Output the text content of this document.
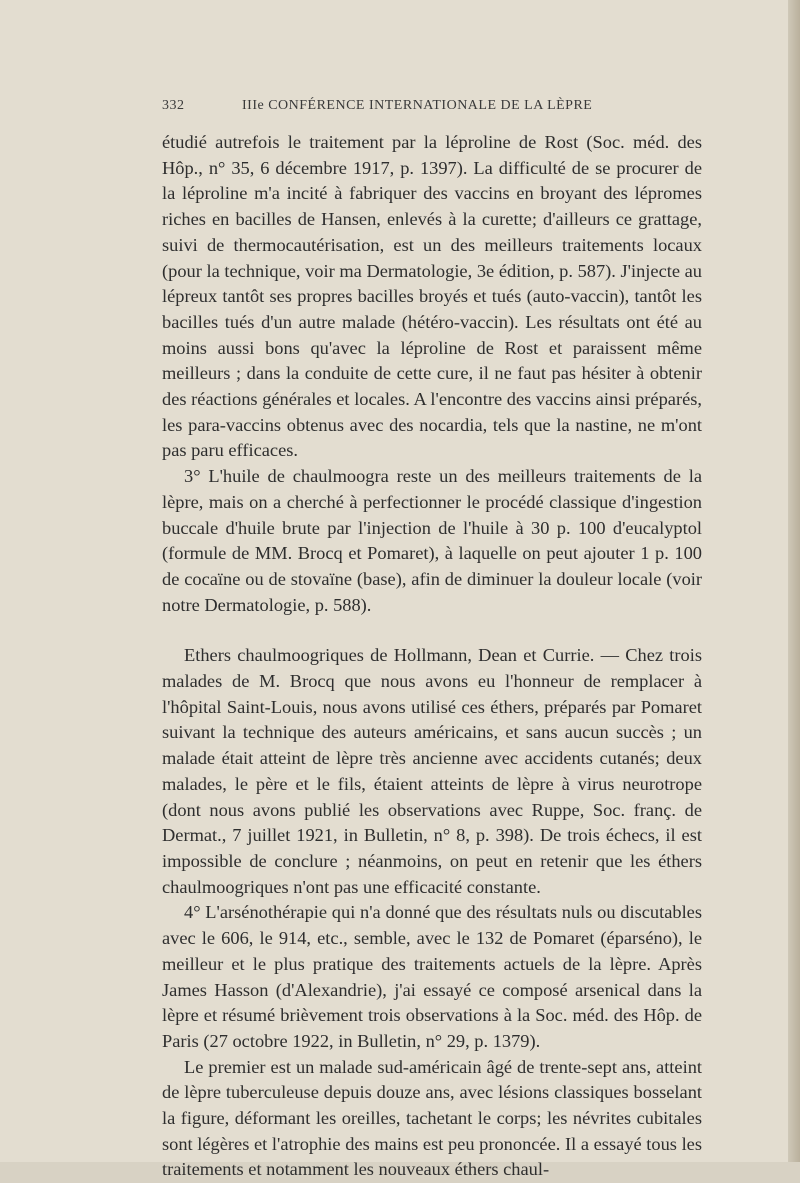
332	IIIe CONFÉRENCE INTERNATIONALE DE LA LÈPRE

étudié autrefois le traitement par la léproline de Rost (Soc. méd. des Hôp., n° 35, 6 décembre 1917, p. 1397). La difficulté de se procurer de la léproline m'a incité à fabriquer des vaccins en broyant des lépromes riches en bacilles de Hansen, enlevés à la curette; d'ailleurs ce grattage, suivi de thermocautérisation, est un des meilleurs traitements locaux (pour la technique, voir ma Dermatologie, 3e édition, p. 587). J'injecte au lépreux tantôt ses propres bacilles broyés et tués (auto-vaccin), tantôt les bacilles tués d'un autre malade (hétéro-vaccin). Les résultats ont été au moins aussi bons qu'avec la léproline de Rost et paraissent même meilleurs ; dans la conduite de cette cure, il ne faut pas hésiter à obtenir des réactions générales et locales. A l'encontre des vaccins ainsi préparés, les para-vaccins obtenus avec des nocardia, tels que la nastine, ne m'ont pas paru efficaces.

3° L'huile de chaulmoogra reste un des meilleurs traitements de la lèpre, mais on a cherché à perfectionner le procédé classique d'ingestion buccale d'huile brute par l'injection de l'huile à 30 p. 100 d'eucalyptol (formule de MM. Brocq et Pomaret), à laquelle on peut ajouter 1 p. 100 de cocaïne ou de stovaïne (base), afin de diminuer la douleur locale (voir notre Dermatologie, p. 588).

Ethers chaulmoogriques de Hollmann, Dean et Currie. — Chez trois malades de M. Brocq que nous avons eu l'honneur de remplacer à l'hôpital Saint-Louis, nous avons utilisé ces éthers, préparés par Pomaret suivant la technique des auteurs américains, et sans aucun succès ; un malade était atteint de lèpre très ancienne avec accidents cutanés; deux malades, le père et le fils, étaient atteints de lèpre à virus neurotrope (dont nous avons publié les observations avec Ruppe, Soc. franç. de Dermat., 7 juillet 1921, in Bulletin, n° 8, p. 398). De trois échecs, il est impossible de conclure ; néanmoins, on peut en retenir que les éthers chaulmoogriques n'ont pas une efficacité constante.

4° L'arsénothérapie qui n'a donné que des résultats nuls ou discutables avec le 606, le 914, etc., semble, avec le 132 de Pomaret (éparséno), le meilleur et le plus pratique des traitements actuels de la lèpre. Après James Hasson (d'Alexandrie), j'ai essayé ce composé arsenical dans la lèpre et résumé brièvement trois observations à la Soc. méd. des Hôp. de Paris (27 octobre 1922, in Bulletin, n° 29, p. 1379).

Le premier est un malade sud-américain âgé de trente-sept ans, atteint de lèpre tuberculeuse depuis douze ans, avec lésions classiques bosselant la figure, déformant les oreilles, tachetant le corps; les névrites cubitales sont légères et l'atrophie des mains est peu prononcée. Il a essayé tous les traitements et notamment les nouveaux éthers chaul-
